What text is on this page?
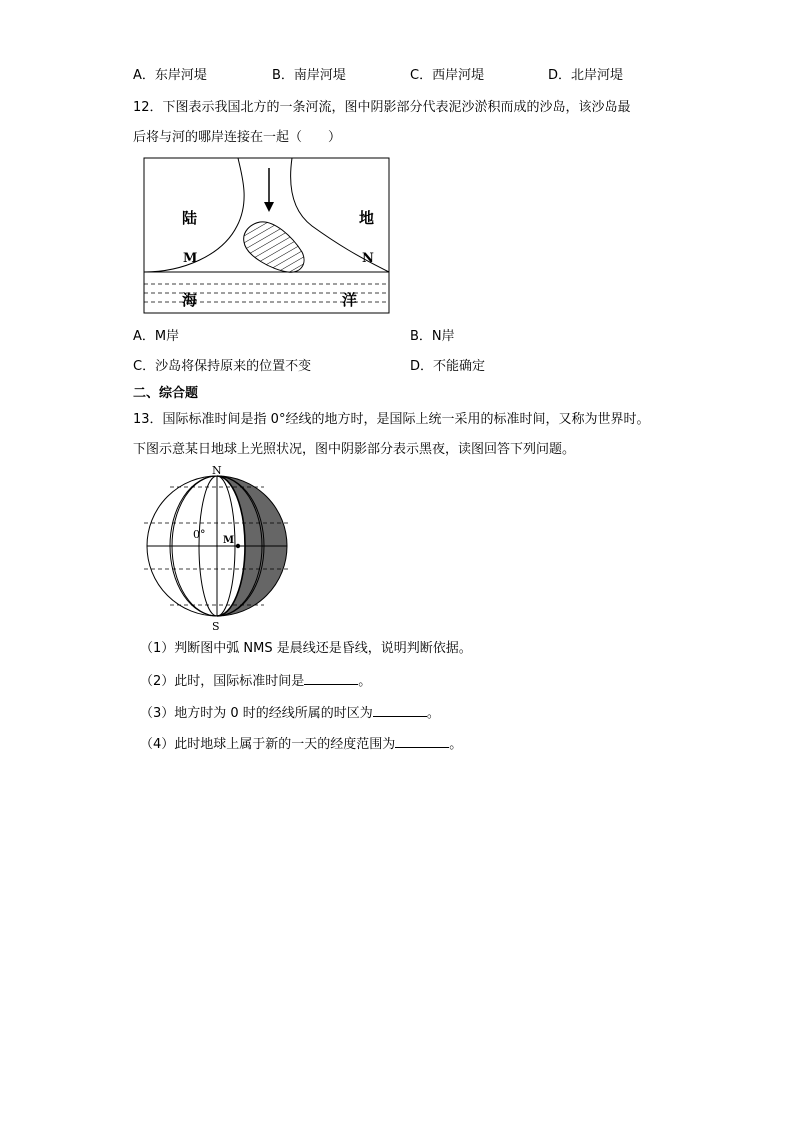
A．东岸河堤	B．南岸河堤	C．西岸河堤	D．北岸河堤
12．下图表示我国北方的一条河流，图中阴影部分代表泥沙淤积而成的沙岛，该沙岛最
后将与河的哪岸连接在一起（　　）
陆	地
M	N
海	洋
A．M岸	B．N岸
C．沙岛将保持原来的位置不变	D．不能确定
二、综合题
13．国际标准时间是指 0°经线的地方时，是国际上统一采用的标准时间，又称为世界时。
下图示意某日地球上光照状况，图中阴影部分表示黑夜，读图回答下列问题。
N
S
0° M
（1）判断图中弧 NMS 是晨线还是昏线，说明判断依据。
（2）此时，国际标准时间是	。
（3）地方时为 0 时的经线所属的时区为	。
（4）此时地球上属于新的一天的经度范围为	。
